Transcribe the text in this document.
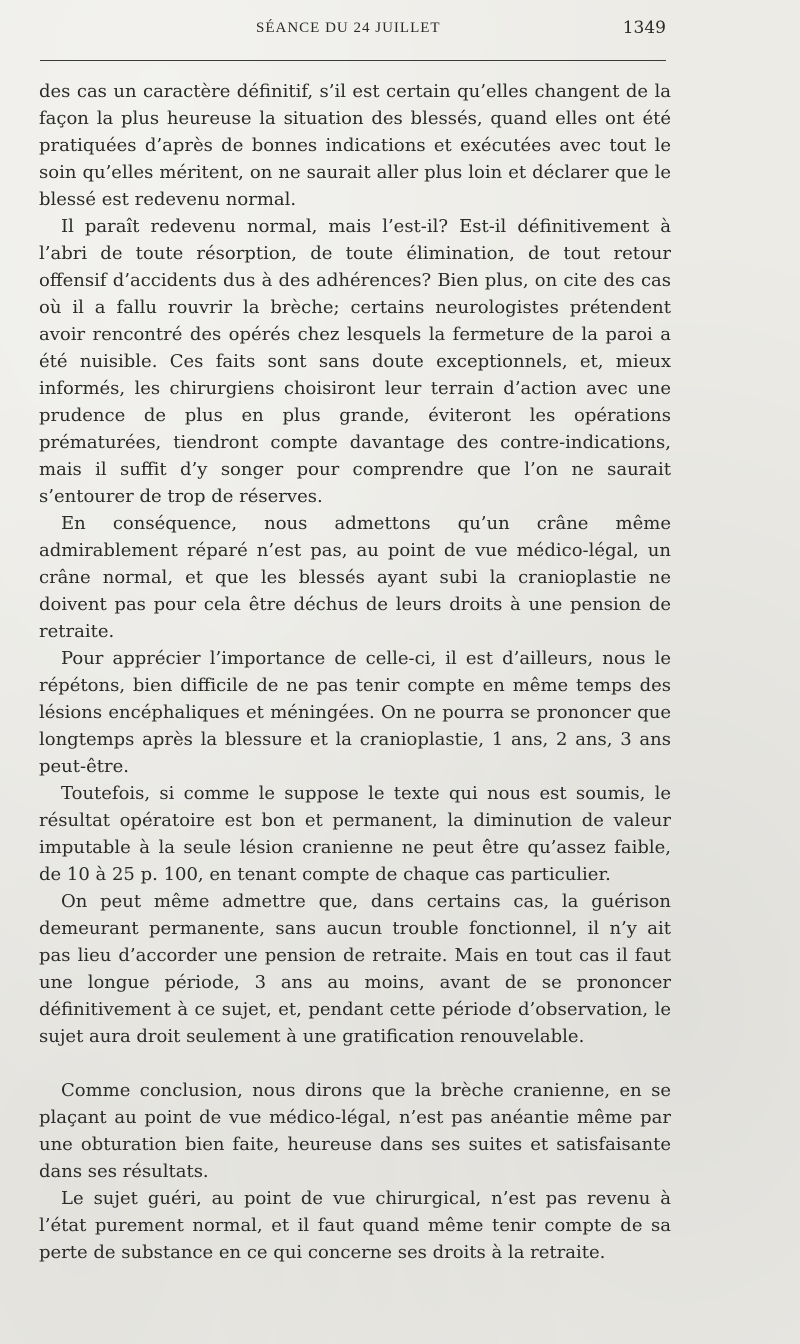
SÉANCE DU 24 JUILLET	1349

des cas un caractère définitif, s’il est certain qu’elles changent de la façon la plus heureuse la situation des blessés, quand elles ont été pratiquées d’après de bonnes indications et exécutées avec tout le soin qu’elles méritent, on ne saurait aller plus loin et déclarer que le blessé est redevenu normal.

Il paraît redevenu normal, mais l’est-il? Est-il définitivement à l’abri de toute résorption, de toute élimination, de tout retour offensif d’accidents dus à des adhérences? Bien plus, on cite des cas où il a fallu rouvrir la brèche; certains neurologistes prétendent avoir rencontré des opérés chez lesquels la fermeture de la paroi a été nuisible. Ces faits sont sans doute exceptionnels, et, mieux informés, les chirurgiens choisiront leur terrain d’action avec une prudence de plus en plus grande, éviteront les opérations prématurées, tiendront compte davantage des contre-indications, mais il suffit d’y songer pour comprendre que l’on ne saurait s’entourer de trop de réserves.

En conséquence, nous admettons qu’un crâne même admirablement réparé n’est pas, au point de vue médico-légal, un crâne normal, et que les blessés ayant subi la cranioplastie ne doivent pas pour cela être déchus de leurs droits à une pension de retraite.

Pour apprécier l’importance de celle-ci, il est d’ailleurs, nous le répétons, bien difficile de ne pas tenir compte en même temps des lésions encéphaliques et méningées. On ne pourra se prononcer que longtemps après la blessure et la cranioplastie, 1 ans, 2 ans, 3 ans peut-être.

Toutefois, si comme le suppose le texte qui nous est soumis, le résultat opératoire est bon et permanent, la diminution de valeur imputable à la seule lésion cranienne ne peut être qu’assez faible, de 10 à 25 p. 100, en tenant compte de chaque cas particulier.

On peut même admettre que, dans certains cas, la guérison demeurant permanente, sans aucun trouble fonctionnel, il n’y ait pas lieu d’accorder une pension de retraite. Mais en tout cas il faut une longue période, 3 ans au moins, avant de se prononcer définitivement à ce sujet, et, pendant cette période d’observation, le sujet aura droit seulement à une gratification renouvelable.

Comme conclusion, nous dirons que la brèche cranienne, en se plaçant au point de vue médico-légal, n’est pas anéantie même par une obturation bien faite, heureuse dans ses suites et satisfaisante dans ses résultats.

Le sujet guéri, au point de vue chirurgical, n’est pas revenu à l’état purement normal, et il faut quand même tenir compte de sa perte de substance en ce qui concerne ses droits à la retraite.
